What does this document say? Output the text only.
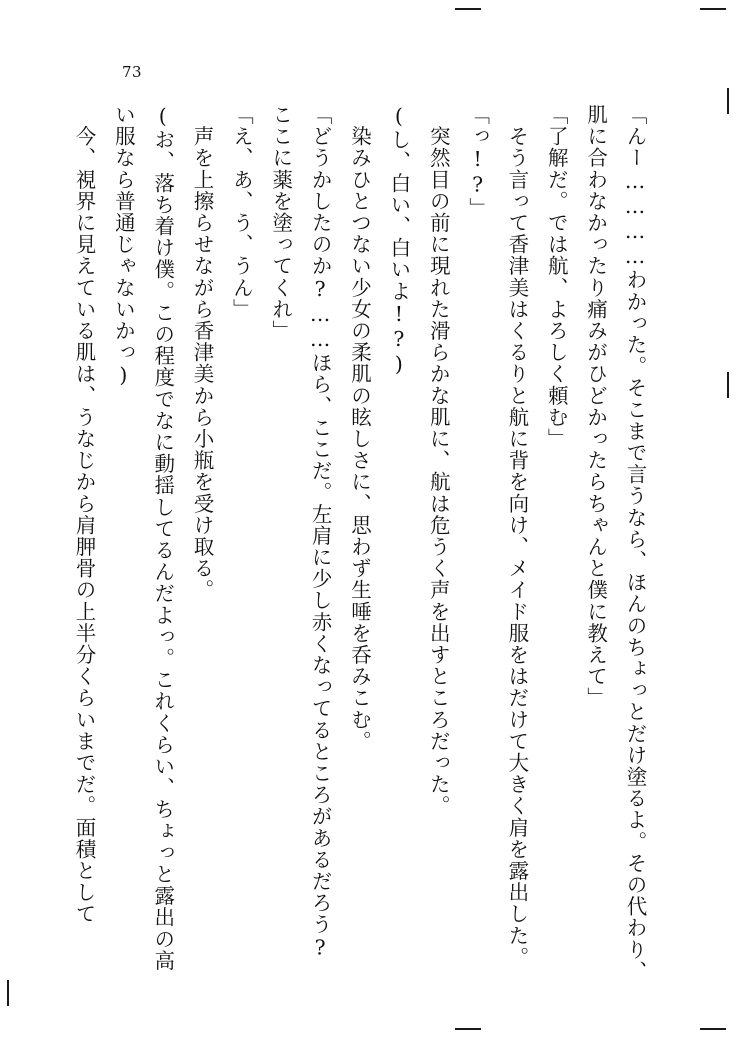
73

「んー…………わかった。そこまで言うなら、ほんのちょっとだけ塗るよ。その代わり、肌に合わなかったり痛みがひどかったらちゃんと僕に教えて」

「了解だ。では航、よろしく頼む」

　そう言って香津美はくるりと航に背を向け、メイド服をはだけて大きく肩を露出した。

「っ!?」

　突然目の前に現れた滑らかな肌に、航は危うく声を出すところだった。

(し、白い、白いよ!?)

　染みひとつない少女の柔肌の眩しさに、思わず生唾を呑みこむ。

「どうかしたのか?……ほら、ここだ。左肩に少し赤くなってるところがあるだろう?　ここに薬を塗ってくれ」

「え、あ、う、うん」

　声を上擦らせながら香津美から小瓶を受け取る。

(お、落ち着け僕。この程度でなに動揺してるんだよっ。これくらい、ちょっと露出の高い服なら普通じゃないかっ)

　今、視界に見えている肌は、うなじから肩胛骨の上半分くらいまでだ。面積として
